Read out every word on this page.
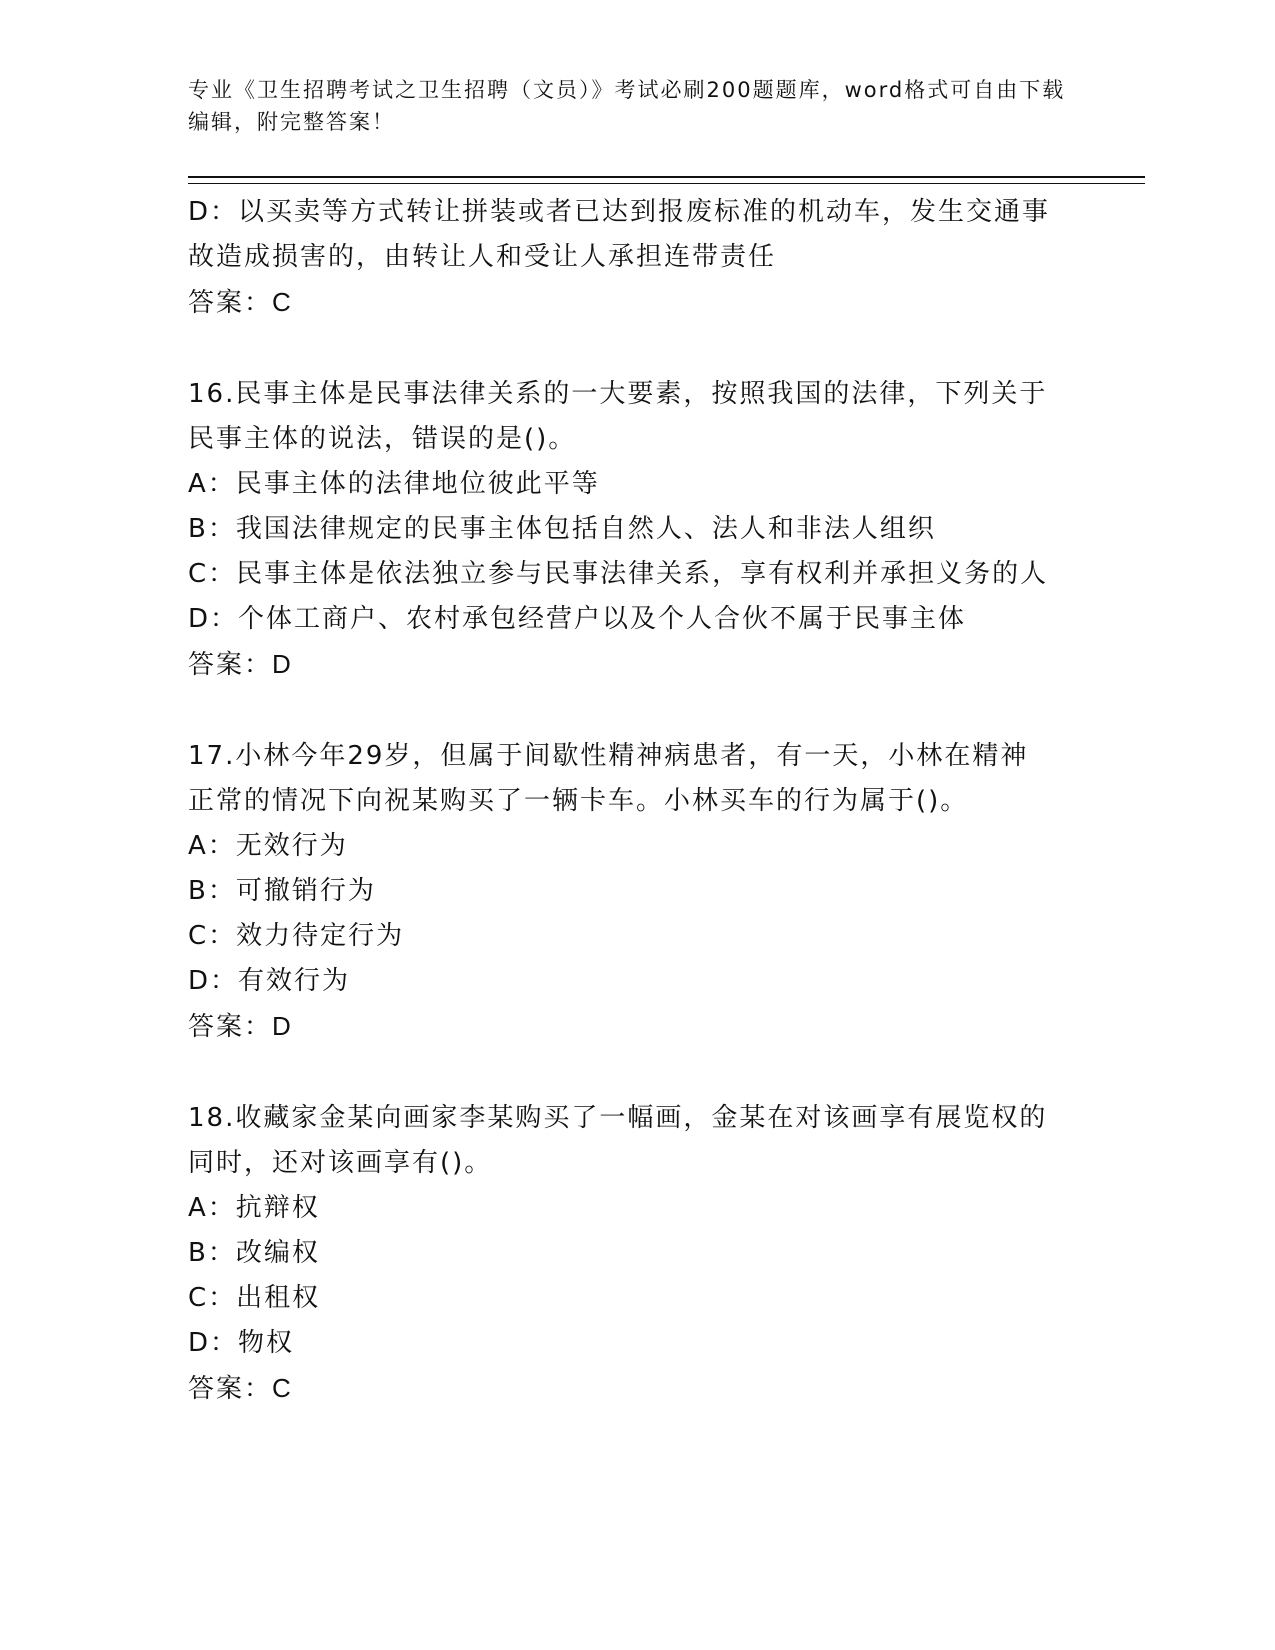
专业《卫生招聘考试之卫生招聘（文员）》考试必刷200题题库，word格式可自由下载编辑，附完整答案！
D：以买卖等方式转让拼装或者已达到报废标准的机动车，发生交通事
故造成损害的，由转让人和受让人承担连带责任
答案：C
16.民事主体是民事法律关系的一大要素，按照我国的法律，下列关于
民事主体的说法，错误的是()。
A：民事主体的法律地位彼此平等
B：我国法律规定的民事主体包括自然人、法人和非法人组织
C：民事主体是依法独立参与民事法律关系，享有权利并承担义务的人
D：个体工商户、农村承包经营户以及个人合伙不属于民事主体
答案：D
17.小林今年29岁，但属于间歇性精神病患者，有一天，小林在精神
正常的情况下向祝某购买了一辆卡车。小林买车的行为属于()。
A：无效行为
B：可撤销行为
C：效力待定行为
D：有效行为
答案：D
18.收藏家金某向画家李某购买了一幅画，金某在对该画享有展览权的
同时，还对该画享有()。
A：抗辩权
B：改编权
C：出租权
D：物权
答案：C
